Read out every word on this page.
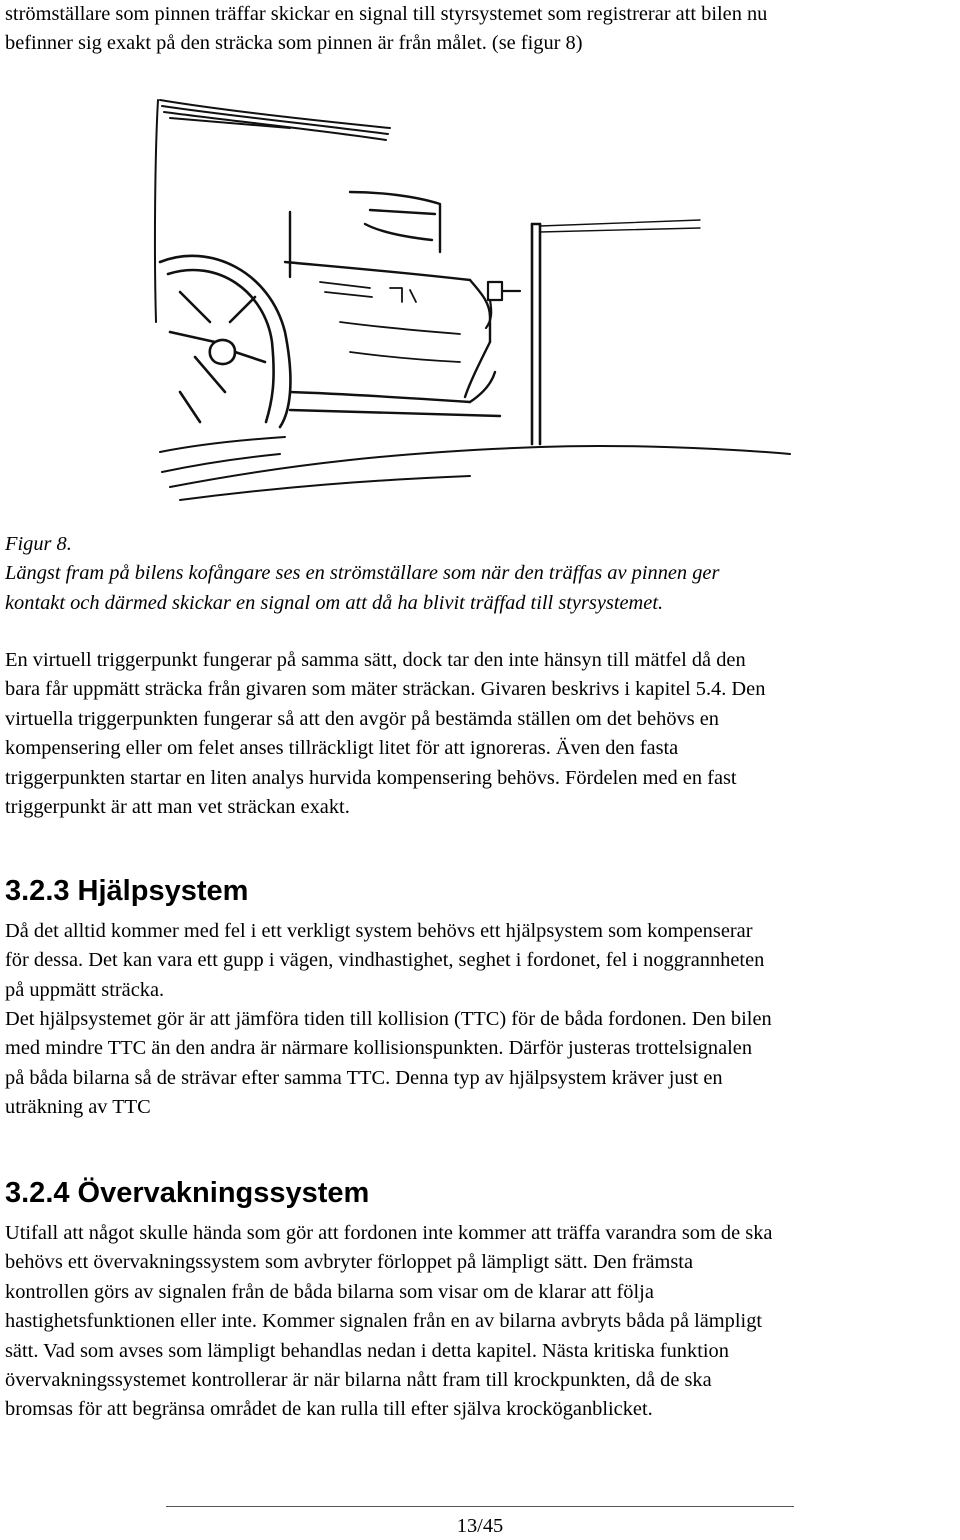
strömställare som pinnen träffar skickar en signal till styrsystemet som registrerar att bilen nu
befinner sig exakt på den sträcka som pinnen är från målet. (se figur 8)

Figur 8.
Längst fram på bilens kofångare ses en strömställare som när den träffas av pinnen ger
kontakt och därmed skickar en signal om att då ha blivit träffad till styrsystemet.

En virtuell triggerpunkt fungerar på samma sätt, dock tar den inte hänsyn till mätfel då den
bara får uppmätt sträcka från givaren som mäter sträckan. Givaren beskrivs i kapitel 5.4. Den
virtuella triggerpunkten fungerar så att den avgör på bestämda ställen om det behövs en
kompensering eller om felet anses tillräckligt litet för att ignoreras. Även den fasta
triggerpunkten startar en liten analys hurvida kompensering behövs. Fördelen med en fast
triggerpunkt är att man vet sträckan exakt.

3.2.3 Hjälpsystem

Då det alltid kommer med fel i ett verkligt system behövs ett hjälpsystem som kompenserar
för dessa. Det kan vara ett gupp i vägen, vindhastighet, seghet i fordonet, fel i noggrannheten
på uppmätt sträcka.

Det hjälpsystemet gör är att jämföra tiden till kollision (TTC) för de båda fordonen. Den bilen
med mindre TTC än den andra är närmare kollisionspunkten. Därför justeras trottelsignalen
på båda bilarna så de strävar efter samma TTC. Denna typ av hjälpsystem kräver just en
uträkning av TTC

3.2.4 Övervakningssystem

Utifall att något skulle hända som gör att fordonen inte kommer att träffa varandra som de ska
behövs ett övervakningssystem som avbryter förloppet på lämpligt sätt. Den främsta
kontrollen görs av signalen från de båda bilarna som visar om de klarar att följa
hastighetsfunktionen eller inte. Kommer signalen från en av bilarna avbryts båda på lämpligt
sätt. Vad som avses som lämpligt behandlas nedan i detta kapitel. Nästa kritiska funktion
övervakningssystemet kontrollerar är när bilarna nått fram till krockpunkten, då de ska
bromsas för att begränsa området de kan rulla till efter själva krocköganblicket.

13/45
